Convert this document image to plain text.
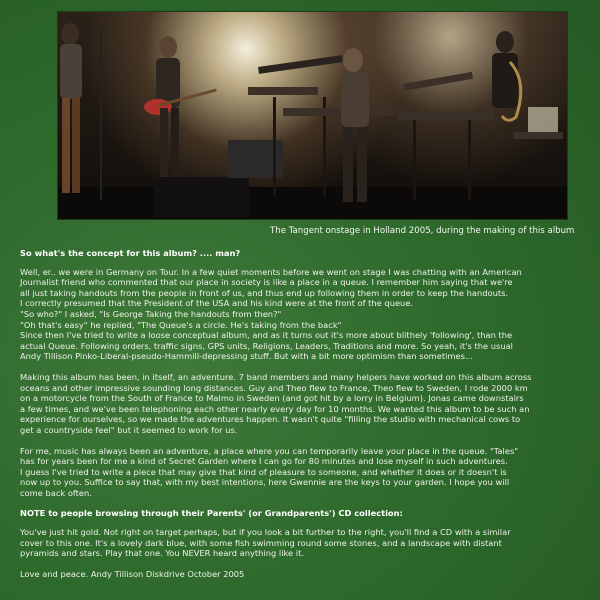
The Tangent onstage in Holland 2005, during the making of this album

So what's the concept for this album? .... man?

Well, er.. we were in Germany on Tour. In a few quiet moments before we went on stage I was chatting with an American

Journalist friend who commented that our place in society is like a place in a queue. I remember him saying that we're

all just taking handouts from the people in front of us, and thus end up following them in order to keep the handouts.

I correctly presumed that the President of the USA and his kind were at the front of the queue.

"So who?" I asked, "Is George Taking the handouts from then?"

"Oh that's easy" he replied, "The Queue's a circle. He's taking from the back"

Since then I've tried to write a loose conceptual album, and as it turns out it's more about blithely 'following', than the

actual Queue. Following orders, traffic signs, GPS units, Religions, Leaders, Traditions and more. So yeah, it's the usual

Andy Tillison Pinko-Liberal-pseudo-Hammill-depressing stuff. But with a bit more optimism than sometimes...

Making this album has been, in itself, an adventure. 7 band members and many helpers have worked on this album across

oceans and other impressive sounding long distances. Guy and Theo flew to France, Theo flew to Sweden, I rode 2000 km

on a motorcycle from the South of France to Malmo in Sweden (and got hit by a lorry in Belgium). Jonas came downstairs

a few times, and we've been telephoning each other nearly every day for 10 months. We wanted this album to be such an

experience for ourselves, so we made the adventures happen. It wasn't quite "filling the studio with mechanical cows to

get a countryside feel" but it seemed to work for us.

For me, music has always been an adventure, a place where you can temporarily leave your place in the queue. "Tales"

has for years been for me a kind of Secret Garden where I can go for 80 minutes and lose myself in such adventures.

I guess I've tried to write a piece that may give that kind of pleasure to someone, and whether it does or it doesn't is

now up to you. Suffice to say that, with my best intentions, here Gwennie are the keys to your garden. I hope you will

come back often.

NOTE to people browsing through their Parents' (or Grandparents') CD collection:

You've just hit gold. Not right on target perhaps, but if you look a bit further to the right, you'll find a CD with a similar

cover to this one. It's a lovely dark blue, with some fish swimming round some stones, and a landscape with distant

pyramids and stars. Play that one. You NEVER heard anything like it.

Love and peace. Andy Tillison Diskdrive October 2005
